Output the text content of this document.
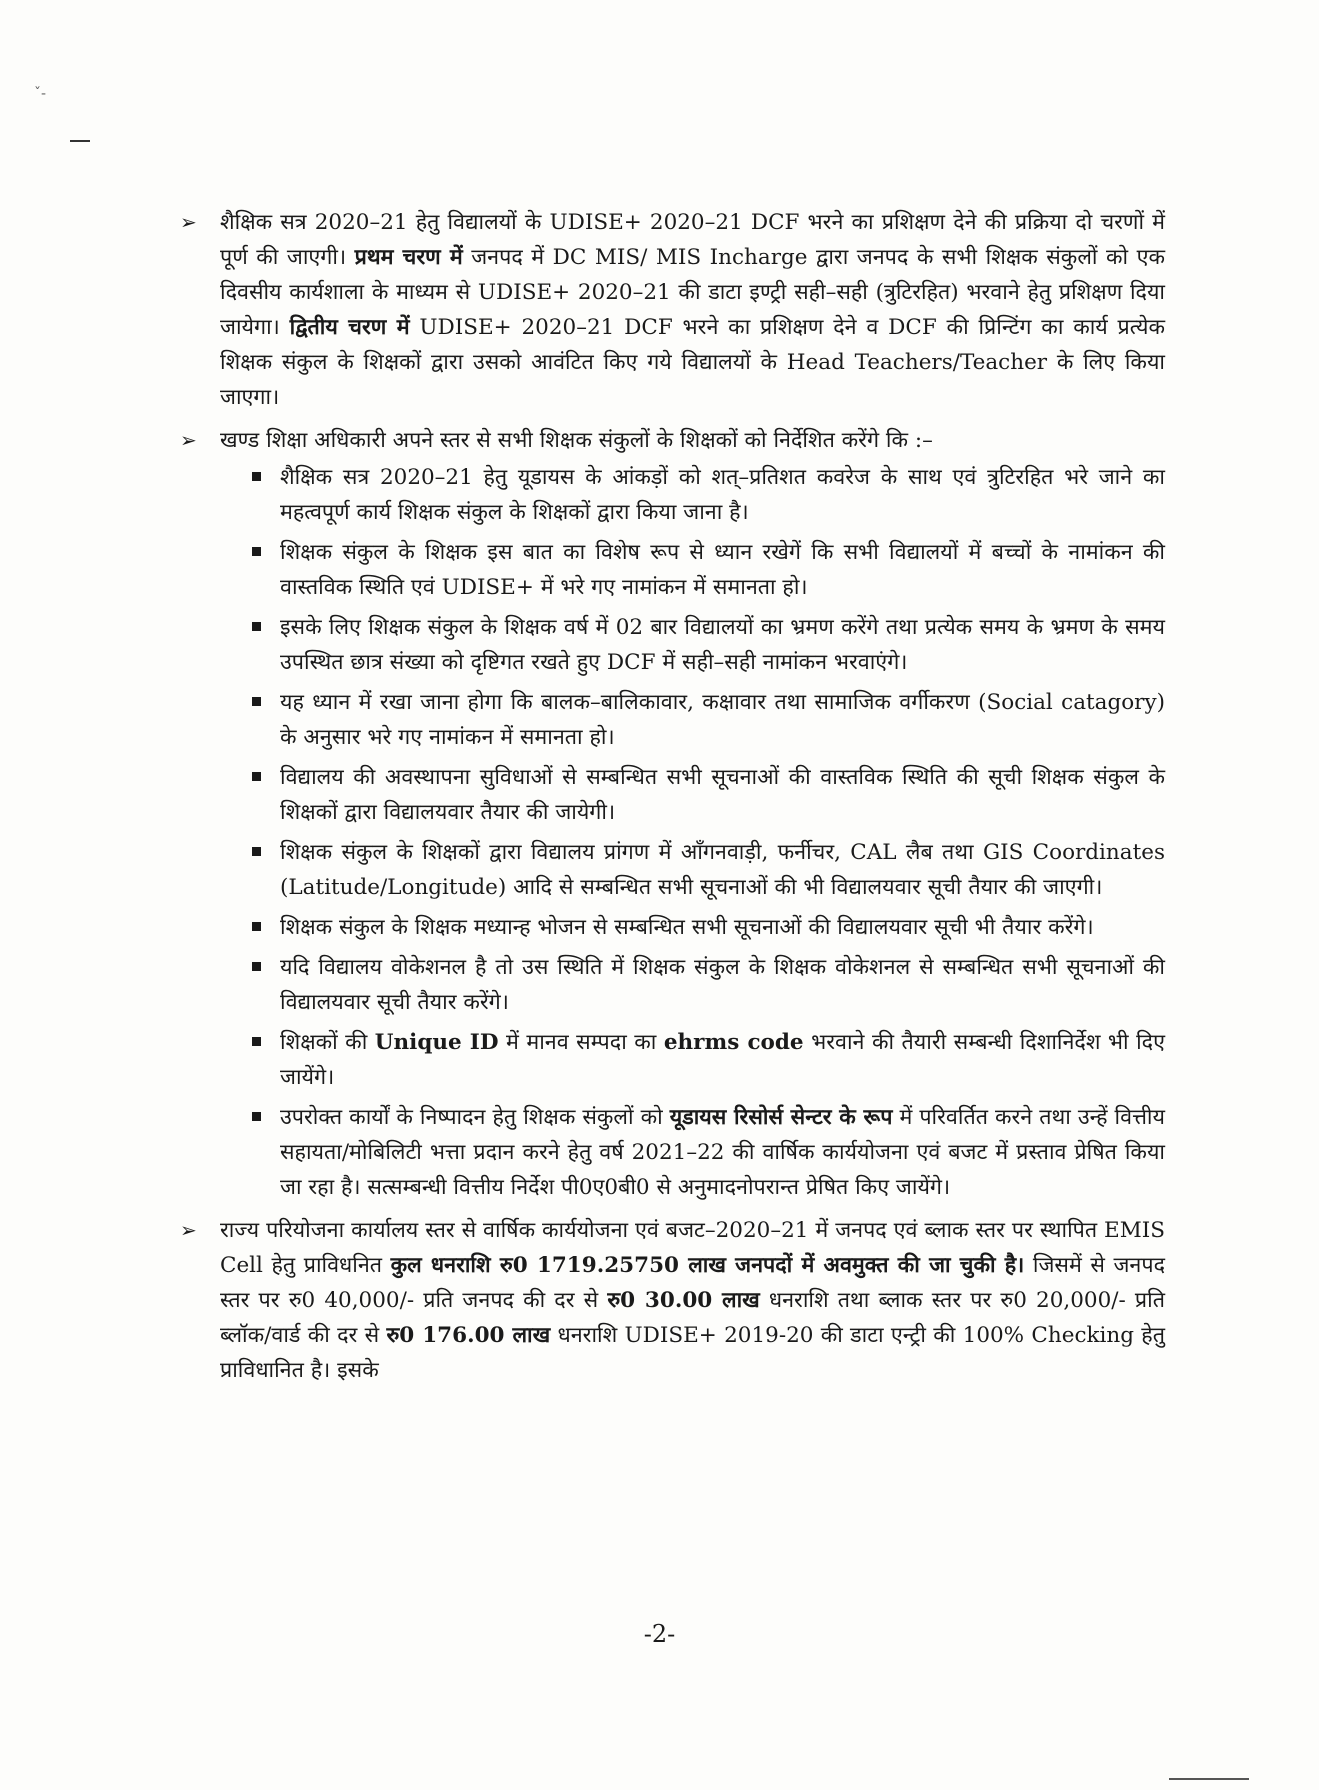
ˇ-
➢ शैक्षिक सत्र 2020–21 हेतु विद्यालयों के UDISE+ 2020–21 DCF भरने का प्रशिक्षण देने की प्रक्रिया दो चरणों में पूर्ण की जाएगी। प्रथम चरण में जनपद में DC MIS/ MIS Incharge द्वारा जनपद के सभी शिक्षक संकुलों को एक दिवसीय कार्यशाला के माध्यम से UDISE+ 2020–21 की डाटा इण्ट्री सही–सही (त्रुटिरहित) भरवाने हेतु प्रशिक्षण दिया जायेगा। द्वितीय चरण में UDISE+ 2020–21 DCF भरने का प्रशिक्षण देने व DCF की प्रिन्टिंग का कार्य प्रत्येक शिक्षक संकुल के शिक्षकों द्वारा उसको आवंटित किए गये विद्यालयों के Head Teachers/Teacher के लिए किया जाएगा।
➢ खण्ड शिक्षा अधिकारी अपने स्तर से सभी शिक्षक संकुलों के शिक्षकों को निर्देशित करेंगे कि :–
शैक्षिक सत्र 2020–21 हेतु यूडायस के आंकड़ों को शत्–प्रतिशत कवरेज के साथ एवं त्रुटिरहित भरे जाने का महत्वपूर्ण कार्य शिक्षक संकुल के शिक्षकों द्वारा किया जाना है।
शिक्षक संकुल के शिक्षक इस बात का विशेष रूप से ध्यान रखेगें कि सभी विद्यालयों में बच्चों के नामांकन की वास्तविक स्थिति एवं UDISE+ में भरे गए नामांकन में समानता हो।
इसके लिए शिक्षक संकुल के शिक्षक वर्ष में 02 बार विद्यालयों का भ्रमण करेंगे तथा प्रत्येक समय के भ्रमण के समय उपस्थित छात्र संख्या को दृष्टिगत रखते हुए DCF में सही–सही नामांकन भरवाएंगे।
यह ध्यान में रखा जाना होगा कि बालक–बालिकावार, कक्षावार तथा सामाजिक वर्गीकरण (Social catagory) के अनुसार भरे गए नामांकन में समानता हो।
विद्यालय की अवस्थापना सुविधाओं से सम्बन्धित सभी सूचनाओं की वास्तविक स्थिति की सूची शिक्षक संकुल के शिक्षकों द्वारा विद्यालयवार तैयार की जायेगी।
शिक्षक संकुल के शिक्षकों द्वारा विद्यालय प्रांगण में आँगनवाड़ी, फर्नीचर, CAL लैब तथा GIS Coordinates (Latitude/Longitude) आदि से सम्बन्धित सभी सूचनाओं की भी विद्यालयवार सूची तैयार की जाएगी।
शिक्षक संकुल के शिक्षक मध्यान्ह भोजन से सम्बन्धित सभी सूचनाओं की विद्यालयवार सूची भी तैयार करेंगे।
यदि विद्यालय वोकेशनल है तो उस स्थिति में शिक्षक संकुल के शिक्षक वोकेशनल से सम्बन्धित सभी सूचनाओं की विद्यालयवार सूची तैयार करेंगे।
शिक्षकों की Unique ID में मानव सम्पदा का ehrms code भरवाने की तैयारी सम्बन्धी दिशानिर्देश भी दिए जायेंगे।
उपरोक्त कार्यों के निष्पादन हेतु शिक्षक संकुलों को यूडायस रिसोर्स सेन्टर के रूप में परिवर्तित करने तथा उन्हें वित्तीय सहायता/मोबिलिटी भत्ता प्रदान करने हेतु वर्ष 2021–22 की वार्षिक कार्ययोजना एवं बजट में प्रस्ताव प्रेषित किया जा रहा है। सत्सम्बन्धी वित्तीय निर्देश पी0ए0बी0 से अनुमादनोपरान्त प्रेषित किए जायेंगे।
➢ राज्य परियोजना कार्यालय स्तर से वार्षिक कार्ययोजना एवं बजट–2020–21 में जनपद एवं ब्लाक स्तर पर स्थापित EMIS Cell हेतु प्राविधनित कुल धनराशि रु0 1719.25750 लाख जनपदों में अवमुक्त की जा चुकी है। जिसमें से जनपद स्तर पर रु0 40,000/- प्रति जनपद की दर से रु0 30.00 लाख धनराशि तथा ब्लाक स्तर पर रु0 20,000/- प्रति ब्लॉक/वार्ड की दर से रु0 176.00 लाख धनराशि UDISE+ 2019-20 की डाटा एन्ट्री की 100% Checking हेतु प्राविधानित है। इसके
-2-
